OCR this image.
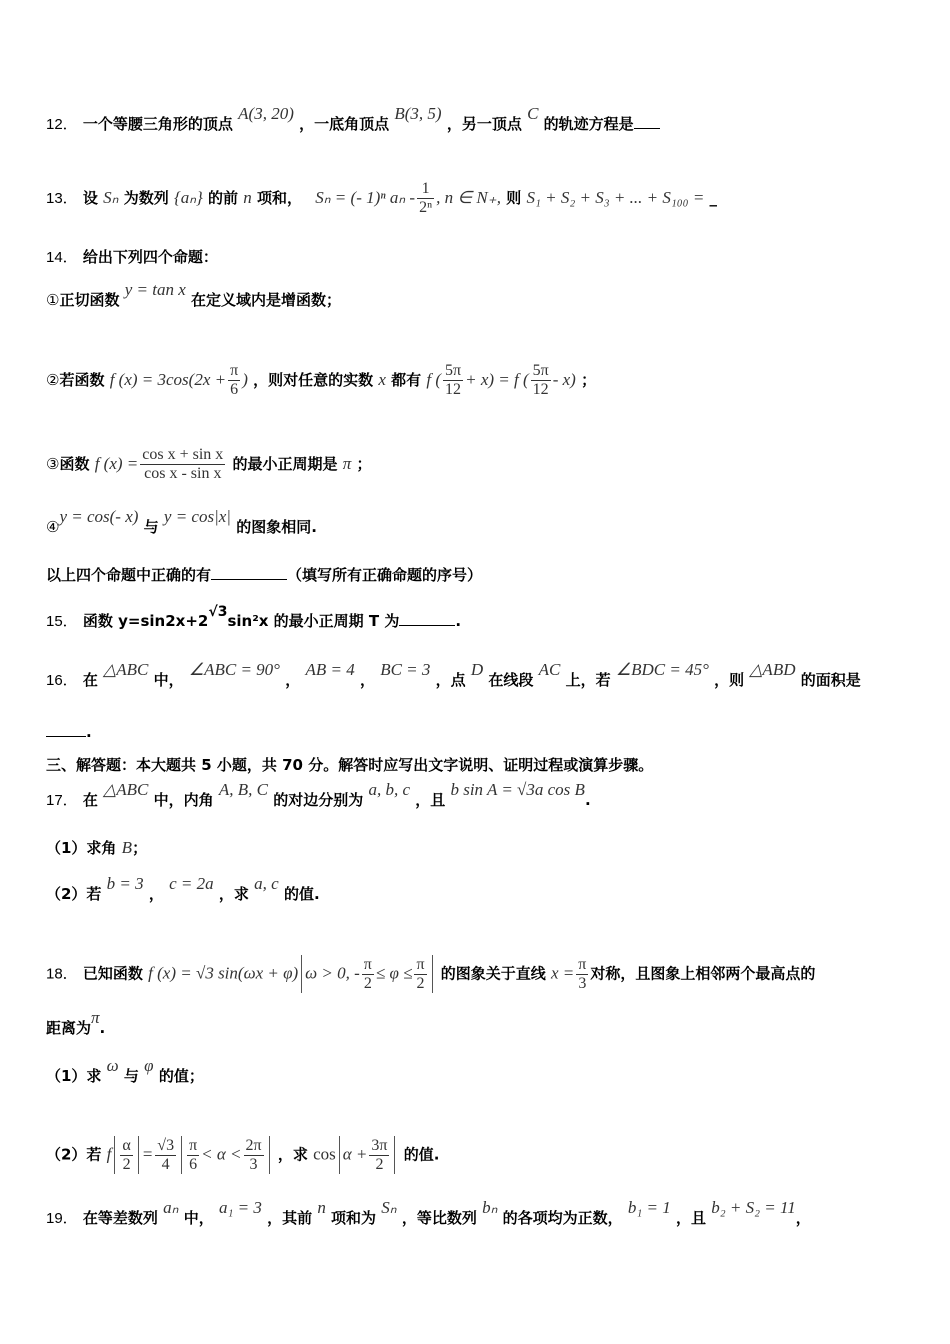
12． 一个等腰三角形的顶点 A(3, 20) ，一底角顶点 B(3, 5) ，另一顶点 C 的轨迹方程是
13． 设 Sₙ 为数列 {aₙ} 的前 n 项和， Sₙ = (- 1)ⁿ aₙ - $\frac{1}{\text{2ⁿ}}$ , n ∈ N₊, 则 S₁ + S₂ + S₃ + ... + S₁₀₀ = _
14． 给出下列四个命题：
①正切函数 y = tan x 在定义域内是增函数；
②若函数 f $(x) = 3\cos(2x + \frac{\pi}{6}$ ) ，则对任意的实数 x 都有 f ( $\frac{5\pi}{12} + x) = f$ ( $\frac{5\pi}{12} - x$) ；
③函数 f $(x) = \frac{\text{cos x + sin x}}{\text{cos x - sin x}}$ 的最小正周期是 π ；
④y = cos(- x) 与 y = cos|x| 的图象相同.
以上四个命题中正确的有	（填写所有正确命题的序号）
15． 函数 y=sin2x+2√3sin²x 的最小正周期 T 为	.
16． 在 △ABC 中， ∠ABC = 90° ， AB = 4 ， BC = 3 ，点 D 在线段 AC 上，若 ∠BDC = 45° ，则 △ABD 的面积是
.
三、解答题：本大题共 5 小题，共 70 分。解答时应写出文字说明、证明过程或演算步骤。
17． 在 △ABC 中，内角 A, B, C 的对边分别为 a, b, c ，且 b sin A = √3a cos B.
（1）求角 B；
（2）若 b = 3 ， c = 2a ，求 a, c 的值.
18． 已知函数 f (x) = √3 sin(ωx + φ) ω > 0, - $\frac{\pi}{2} \le \varphi \le \frac{\pi}{2}$ 的图象关于直线 $x = \frac{\pi}{3}$ 对称，且图象上相邻两个最高点的
距离为π.
（1）求 ω 与 φ 的值；
（2）若 f $\frac{\alpha}{2} = \frac{√3}{4} \frac{\pi}{6} < \alpha < \frac{2\pi}{3}$ ，求 $\cos \alpha + \frac{3\pi}{2}$ 的值.
19． 在等差数列 aₙ 中， a₁ = 3 ，其前 n 项和为 Sₙ ，等比数列 bₙ 的各项均为正数， b₁ = 1 ，且 b₂ + S₂ = 11，
